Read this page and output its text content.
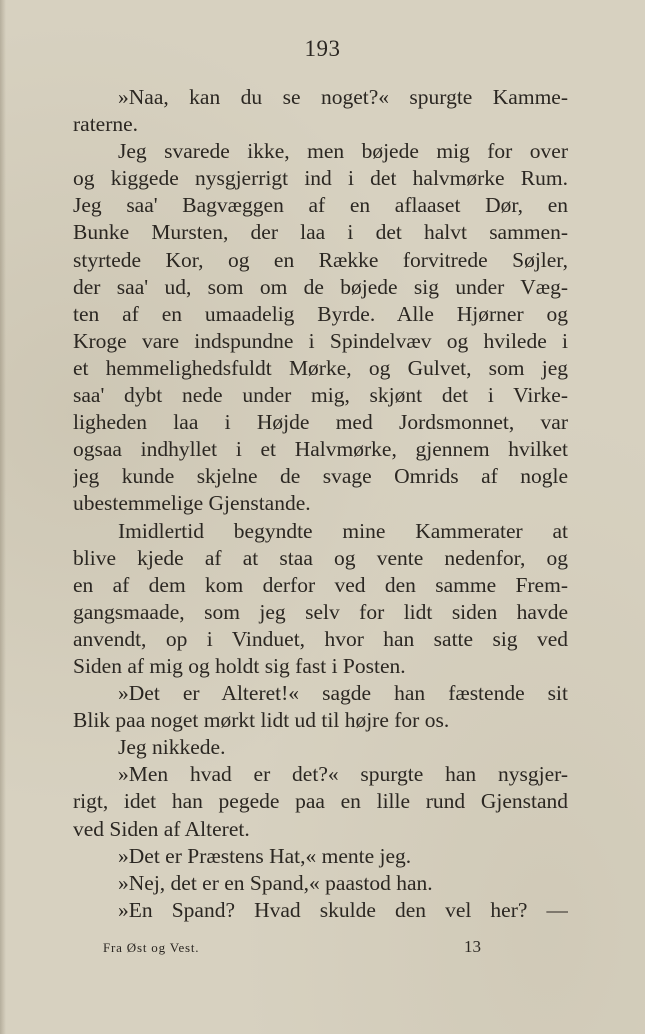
193
»Naa, kan du se noget?« spurgte Kamme-
raterne.
Jeg svarede ikke, men bøjede mig for over
og kiggede nysgjerrigt ind i det halvmørke Rum.
Jeg saa' Bagvæggen af en aflaaset Dør, en
Bunke Mursten, der laa i det halvt sammen-
styrtede Kor, og en Række forvitrede Søjler,
der saa' ud, som om de bøjede sig under Væg-
ten af en umaadelig Byrde. Alle Hjørner og
Kroge vare indspundne i Spindelvæv og hvilede i
et hemmelighedsfuldt Mørke, og Gulvet, som jeg
saa' dybt nede under mig, skjønt det i Virke-
ligheden laa i Højde med Jordsmonnet, var
ogsaa indhyllet i et Halvmørke, gjennem hvilket
jeg kunde skjelne de svage Omrids af nogle
ubestemmelige Gjenstande.
Imidlertid begyndte mine Kammerater at
blive kjede af at staa og vente nedenfor, og
en af dem kom derfor ved den samme Frem-
gangsmaade, som jeg selv for lidt siden havde
anvendt, op i Vinduet, hvor han satte sig ved
Siden af mig og holdt sig fast i Posten.
»Det er Alteret!« sagde han fæstende sit
Blik paa noget mørkt lidt ud til højre for os.
Jeg nikkede.
»Men hvad er det?« spurgte han nysgjer-
rigt, idet han pegede paa en lille rund Gjenstand
ved Siden af Alteret.
»Det er Præstens Hat,« mente jeg.
»Nej, det er en Spand,« paastod han.
»En Spand? Hvad skulde den vel her? —
Fra Øst og Vest.	13
